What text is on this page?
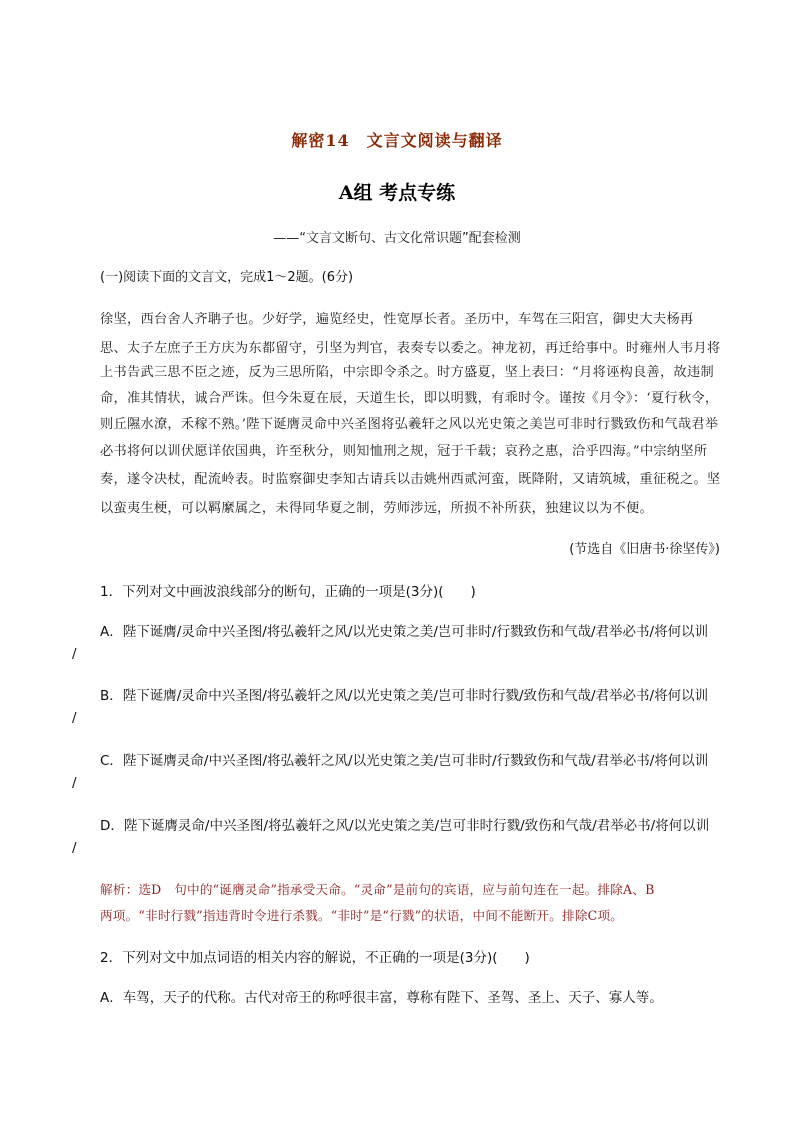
解密14　文言文阅读与翻译
A组 考点专练
——“文言文断句、古文化常识题”配套检测
(一)阅读下面的文言文，完成1～2题。(6分)
徐坚，西台舍人齐聃子也。少好学，遍览经史，性宽厚长者。圣历中，车驾在三阳宫，御史大夫杨再
思、太子左庶子王方庆为东都留守，引坚为判官，表奏专以委之。神龙初，再迁给事中。时雍州人韦月将
上书告武三思不臣之迹，反为三思所陷，中宗即令杀之。时方盛夏，坚上表曰：“月将诬构良善，故违制
命，准其情状，诚合严诛。但今朱夏在辰，天道生长，即以明戮，有乖时令。谨按《月令》：‘夏行秋令，
则丘隰水潦，禾稼不熟。’陛下诞膺灵命中兴圣图将弘羲轩之风以光史策之美岂可非时行戮致伤和气哉君举
必书将何以训伏愿详依国典，许至秋分，则知恤刑之规，冠于千载；哀矜之惠，洽乎四海。”中宗纳坚所
奏，遂令决杖，配流岭表。时监察御史李知古请兵以击姚州西贰河蛮，既降附，又请筑城，重征税之。坚
以蛮夷生梗，可以羁縻属之，未得同华夏之制，劳师涉远，所损不补所获，独建议以为不便。
(节选自《旧唐书·徐坚传》)
1．下列对文中画波浪线部分的断句，正确的一项是(3分)(　　)
A．陛下诞膺/灵命中兴圣图/将弘羲轩之风/以光史策之美/岂可非时/行戮致伤和气哉/君举必书/将何以训
/
B．陛下诞膺/灵命中兴圣图/将弘羲轩之风/以光史策之美/岂可非时行戮/致伤和气哉/君举必书/将何以训
/
C．陛下诞膺灵命/中兴圣图/将弘羲轩之风/以光史策之美/岂可非时/行戮致伤和气哉/君举必书/将何以训
/
D．陛下诞膺灵命/中兴圣图/将弘羲轩之风/以光史策之美/岂可非时行戮/致伤和气哉/君举必书/将何以训
/
解析：选D　句中的“诞膺灵命”指承受天命。“灵命”是前句的宾语，应与前句连在一起。排除A、B
两项。“非时行戮”指违背时令进行杀戮。“非时”是“行戮”的状语，中间不能断开。排除C项。
2．下列对文中加点词语的相关内容的解说，不正确的一项是(3分)(　　)
A．车驾，天子的代称。古代对帝王的称呼很丰富，尊称有陛下、圣驾、圣上、天子、寡人等。
